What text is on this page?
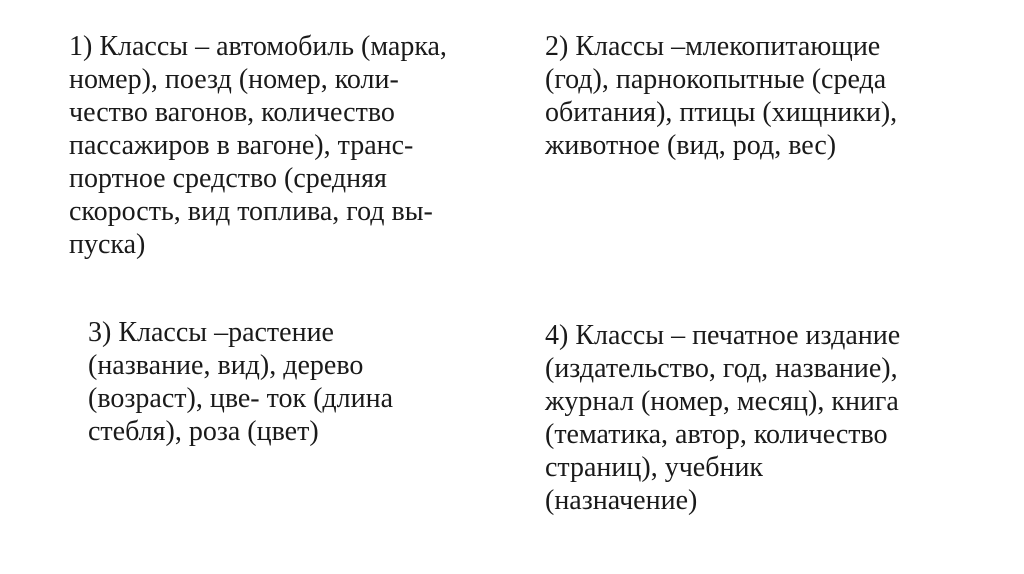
1) Классы – автомобиль (марка,
номер), поезд (номер, коли-
чество вагонов, количество
пассажиров в вагоне), транс-
портное средство (средняя
скорость, вид топлива, год вы-
пуска)
2) Классы –млекопитающие
(год), парнокопытные (среда
обитания), птицы (хищники),
животное (вид, род, вес)
3) Классы –растение
(название, вид), дерево
(возраст), цве- ток (длина
стебля), роза (цвет)
4) Классы – печатное издание
(издательство, год, название),
журнал (номер, месяц), книга
(тематика, автор, количество
страниц), учебник
(назначение)
